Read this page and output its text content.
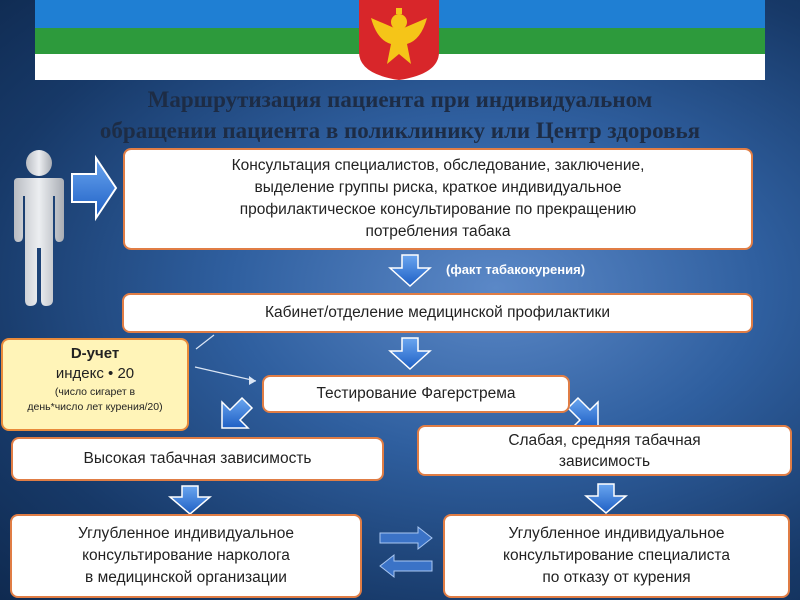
Маршрутизация пациента при индивидуальном
обращении пациента в поликлинику или Центр здоровья
Консультация специалистов, обследование, заключение,
выделение группы риска, краткое индивидуальное
профилактическое консультирование по прекращению
потребления табака
(факт табакокурения)
Кабинет/отделение медицинской профилактики
D-учет
индекс • 20
(число сигарет в
день*число лет курения/20)
Тестирование Фагерстрема
Высокая табачная зависимость
Слабая, средняя табачная
зависимость
Углубленное индивидуальное
консультирование нарколога
в медицинской организации
Углубленное индивидуальное
консультирование специалиста
по отказу от курения
